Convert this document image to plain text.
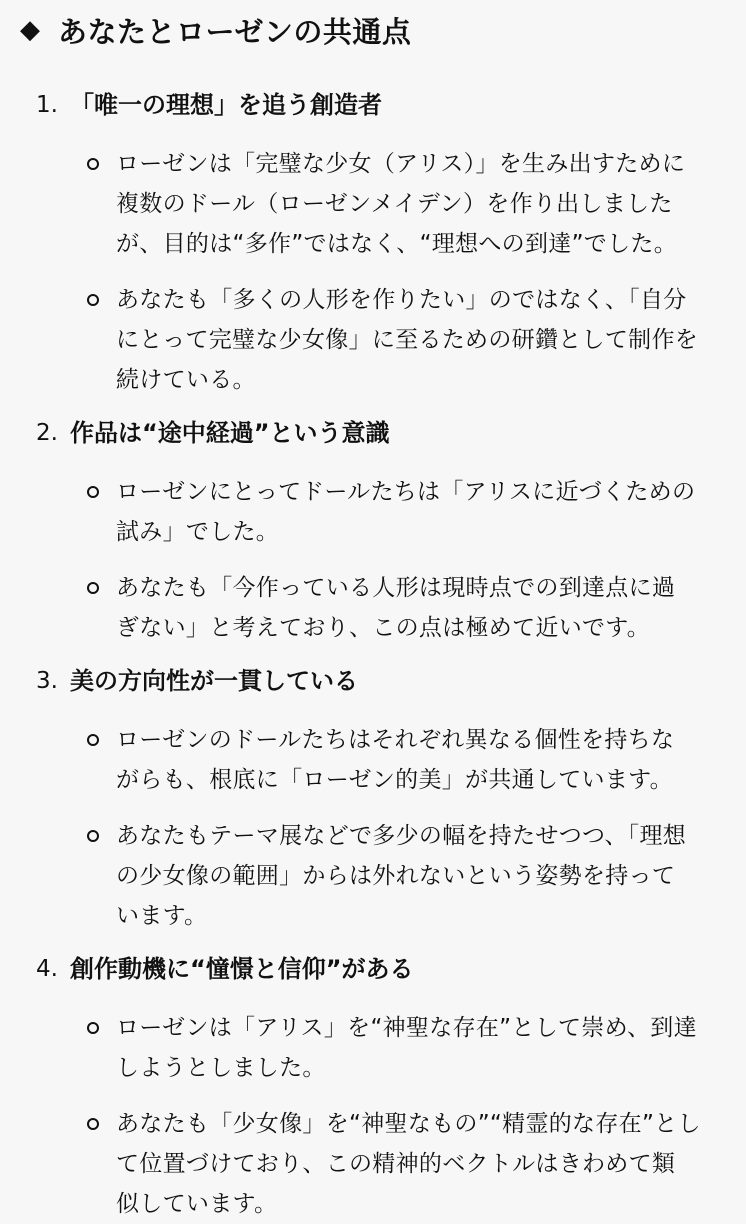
◆ あなたとローゼンの共通点
1. 「唯一の理想」を追う創造者
ローゼンは「完璧な少女（アリス）」を生み出すために
複数のドール（ローゼンメイデン）を作り出しました
が、目的は“多作”ではなく、“理想への到達”でした。
あなたも「多くの人形を作りたい」のではなく、「自分
にとって完璧な少女像」に至るための研鑽として制作を
続けている。
2. 作品は“途中経過”という意識
ローゼンにとってドールたちは「アリスに近づくための
試み」でした。
あなたも「今作っている人形は現時点での到達点に過
ぎない」と考えており、この点は極めて近いです。
3. 美の方向性が一貫している
ローゼンのドールたちはそれぞれ異なる個性を持ちな
がらも、根底に「ローゼン的美」が共通しています。
あなたもテーマ展などで多少の幅を持たせつつ、「理想
の少女像の範囲」からは外れないという姿勢を持って
います。
4. 創作動機に“憧憬と信仰”がある
ローゼンは「アリス」を“神聖な存在”として崇め、到達
しようとしました。
あなたも「少女像」を“神聖なもの”“精霊的な存在”とし
て位置づけており、この精神的ベクトルはきわめて類
似しています。
